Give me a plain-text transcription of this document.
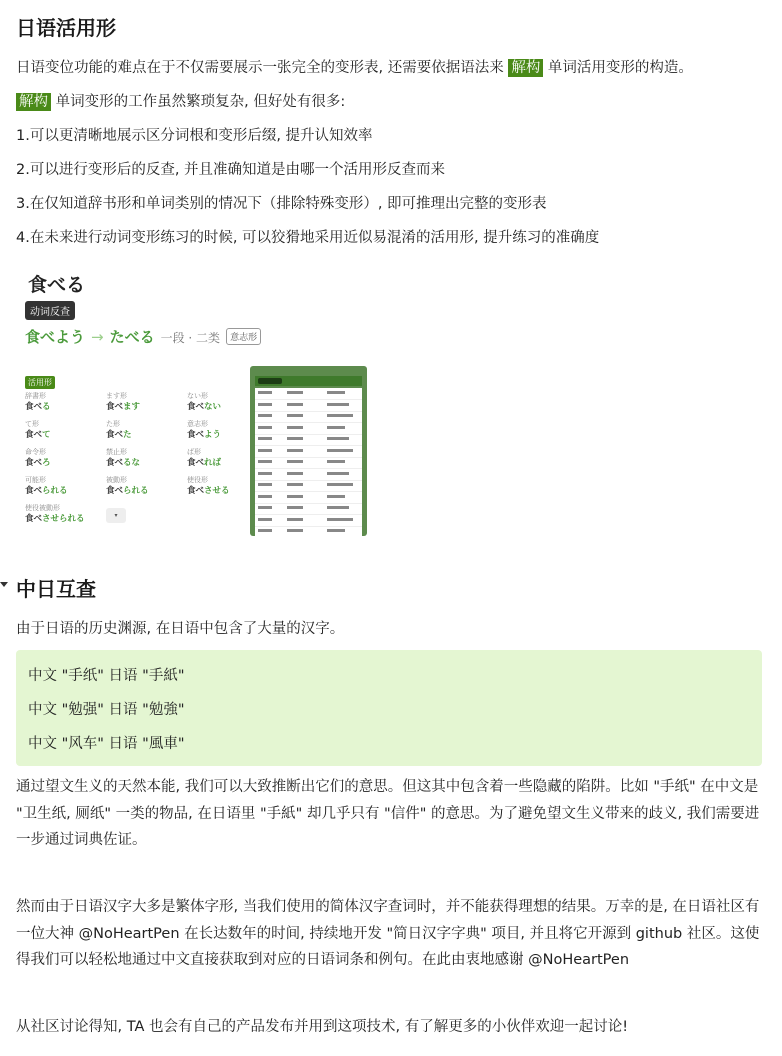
日语活用形
日语变位功能的难点在于不仅需要展示一张完全的变形表, 还需要依据语法来 解构 单词活用变形的构造。
解构 单词变形的工作虽然繁琐复杂, 但好处有很多:
1.可以更清晰地展示区分词根和变形后缀, 提升认知效率
2.可以进行变形后的反查, 并且准确知道是由哪一个活用形反查而来
3.在仅知道辞书形和单词类别的情况下（排除特殊变形）, 即可推理出完整的变形表
4.在未来进行动词变形练习的时候, 可以狡猾地采用近似易混淆的活用形, 提升练习的准确度
食べる
动词反查
食べよう → たべる 一段 · 二类 意志形
活用形
辞書形
食べる
ます形
食べます
ない形
食べない
て形
食べて
た形
食べた
意志形
食べよう
命令形
食べろ
禁止形
食べるな
ば形
食べれば
可能形
食べられる
被動形
食べられる
使役形
食べさせる
使役被動形
食べさせられる	▾
中日互查
由于日语的历史渊源, 在日语中包含了大量的汉字。
中文 "手纸" 日语 "手紙"
中文 "勉强" 日语 "勉強"
中文 "风车" 日语 "風車"
通过望文生义的天然本能, 我们可以大致推断出它们的意思。但这其中包含着一些隐藏的陷阱。比如 "手纸" 在中文是 "卫生纸, 厕纸" 一类的物品, 在日语里 "手紙" 却几乎只有 "信件" 的意思。为了避免望文生义带来的歧义, 我们需要进一步通过词典佐证。
然而由于日语汉字大多是繁体字形, 当我们使用的简体汉字查词时，并不能获得理想的结果。万幸的是, 在日语社区有一位大神 @NoHeartPen 在长达数年的时间, 持续地开发 "简日汉字字典" 项目, 并且将它开源到 github 社区。这使得我们可以轻松地通过中文直接获取到对应的日语词条和例句。在此由衷地感谢 @NoHeartPen
从社区讨论得知, TA 也会有自己的产品发布并用到这项技术, 有了解更多的小伙伴欢迎一起讨论!
